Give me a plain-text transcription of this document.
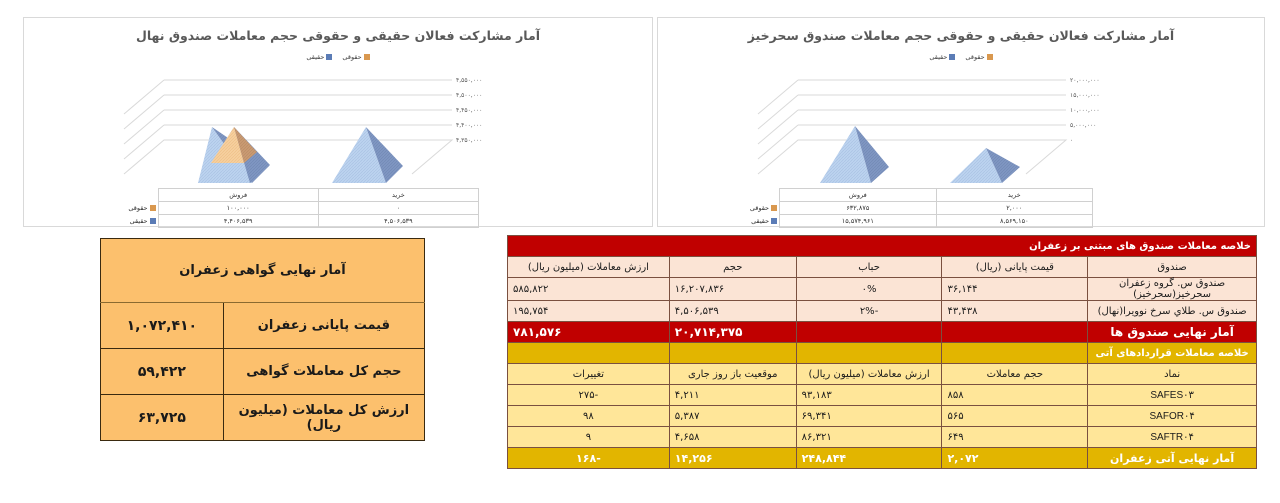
آمار مشارکت فعالان حقیقی و حقوقی حجم معاملات صندوق نهال
حقوقی حقیقی
۴,۵۵۰,۰۰۰
۴,۵۰۰,۰۰۰
۴,۴۵۰,۰۰۰
۴,۴۰۰,۰۰۰
۴,۳۵۰,۰۰۰
خرید	فروش	
۰	۱۰۰,۰۰۰	حقوقی
۴,۵۰۶,۵۳۹	۴,۴۰۶,۵۳۹	حقیقی
آمار مشارکت فعالان حقیقی و حقوقی حجم معاملات صندوق سحرخیز
حقوقی حقیقی
۲۰,۰۰۰,۰۰۰
۱۵,۰۰۰,۰۰۰
۱۰,۰۰۰,۰۰۰
۵,۰۰۰,۰۰۰
۰
خرید	فروش	
۲,۰۰۰	۶۳۲,۸۷۵	حقوقی
۸,۵۶۹,۱۵۰	۱۵,۵۷۴,۹۶۱	حقیقی
آمار نهایی گواهی زعفران	
قیمت پایانی زعفران	۱,۰۷۲,۴۱۰
حجم کل معاملات گواهی	۵۹,۴۲۲
ارزش کل معاملات (میلیون ریال)	۶۳,۷۲۵
خلاصه معاملات صندوق های مبتنی بر زعفران				
صندوق	قیمت پایانی (ریال)	حباب	حجم	ارزش معاملات (میلیون ریال)
صندوق س. گروه زعفران سحرخیز(سحرخیز)	۳۶,۱۴۴	۰%	۱۶,۲۰۷,۸۳۶	۵۸۵,۸۲۲
صندوق س. طلاي سرخ نوويرا(نهال)	۴۳,۴۳۸	-۲%	۴,۵۰۶,۵۳۹	۱۹۵,۷۵۴
آمار نهایی صندوق ها			۲۰,۷۱۴,۳۷۵	۷۸۱,۵۷۶
خلاصه معاملات قراردادهای آتی				
نماد	حجم معاملات	ارزش معاملات (میلیون ریال)	موقعیت باز روز جاری	تغییرات
SAFES۰۳	۸۵۸	۹۳,۱۸۳	۴,۲۱۱	-۲۷۵
SAFOR۰۴	۵۶۵	۶۹,۳۴۱	۵,۳۸۷	۹۸
SAFTR۰۴	۶۴۹	۸۶,۳۲۱	۴,۶۵۸	۹
آمار نهایی آتی زعفران	۲,۰۷۲	۲۴۸,۸۴۴	۱۴,۲۵۶	-۱۶۸
